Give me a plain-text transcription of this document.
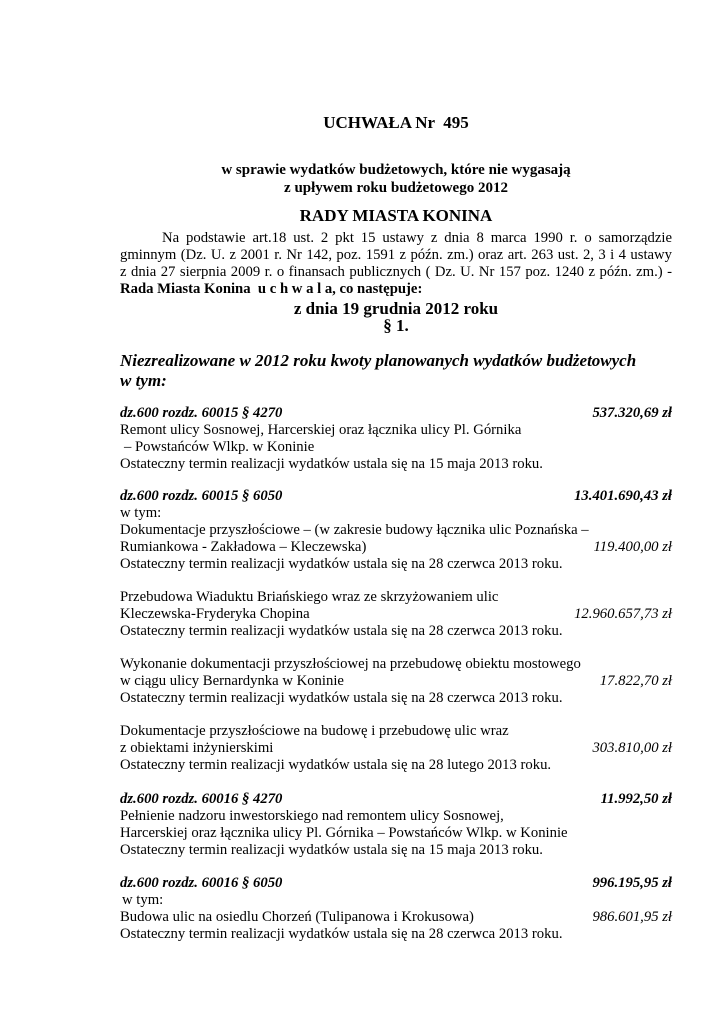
UCHWAŁA Nr  495

RADY MIASTA KONINA

z dnia 19 grudnia 2012 roku

w sprawie wydatków budżetowych, które nie wygasają
z upływem roku budżetowego 2012
Na podstawie art.18 ust. 2 pkt 15 ustawy z dnia 8 marca 1990 r. o samorządzie
gminnym (Dz. U. z 2001 r. Nr 142, poz. 1591 z późn. zm.) oraz art. 263 ust. 2, 3 i 4 ustawy
z dnia 27 sierpnia 2009 r. o finansach publicznych ( Dz. U. Nr 157 poz. 1240 z późn. zm.) -
Rada Miasta Konina  u c h w a l a, co następuje:
§ 1.
Niezrealizowane w 2012 roku kwoty planowanych wydatków budżetowych
w tym:
dz.600 rozdz. 60015 § 4270	537.320,69 zł
Remont ulicy Sosnowej, Harcerskiej oraz łącznika ulicy Pl. Górnika
– Powstańców Wlkp. w Koninie
Ostateczny termin realizacji wydatków ustala się na 15 maja 2013 roku.
dz.600 rozdz. 60015 § 6050	13.401.690,43 zł
w tym:
Dokumentacje przyszłościowe – (w zakresie budowy łącznika ulic Poznańska –
Rumiankowa - Zakładowa – Kleczewska)	119.400,00 zł
Ostateczny termin realizacji wydatków ustala się na 28 czerwca 2013 roku.
Przebudowa Wiaduktu Briańskiego wraz ze skrzyżowaniem ulic
Kleczewska-Fryderyka Chopina	12.960.657,73 zł
Ostateczny termin realizacji wydatków ustala się na 28 czerwca 2013 roku.
Wykonanie dokumentacji przyszłościowej na przebudowę obiektu mostowego
w ciągu ulicy Bernardynka w Koninie	17.822,70 zł
Ostateczny termin realizacji wydatków ustala się na 28 czerwca 2013 roku.
Dokumentacje przyszłościowe na budowę i przebudowę ulic wraz
z obiektami inżynierskimi	303.810,00 zł
Ostateczny termin realizacji wydatków ustala się na 28 lutego 2013 roku.
dz.600 rozdz. 60016 § 4270	11.992,50 zł
Pełnienie nadzoru inwestorskiego nad remontem ulicy Sosnowej,
Harcerskiej oraz łącznika ulicy Pl. Górnika – Powstańców Wlkp. w Koninie
Ostateczny termin realizacji wydatków ustala się na 15 maja 2013 roku.
dz.600 rozdz. 60016 § 6050	996.195,95 zł
w tym:
Budowa ulic na osiedlu Chorzeń (Tulipanowa i Krokusowa)	986.601,95 zł
Ostateczny termin realizacji wydatków ustala się na 28 czerwca 2013 roku.
